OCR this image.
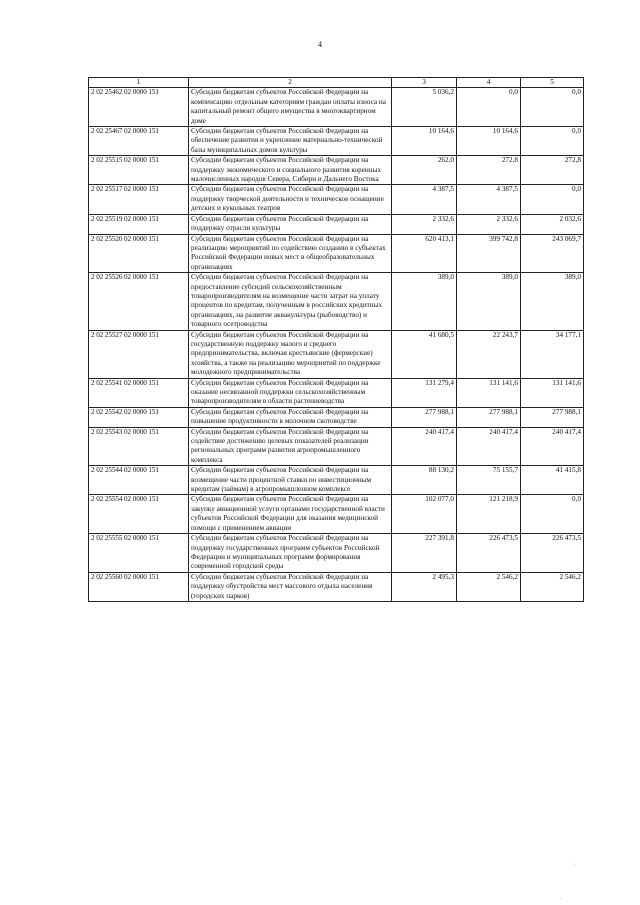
4
1	2	3	4	5
2 02 25462 02 0000 151	Субсидии бюджетам субъектов Российской Федерации на компенсацию отдельным категориям граждан оплаты взноса на капитальный ремонт общего имущества в многоквартирном доме	5 036,2	0,0	0,0
2 02 25467 02 0000 151	Субсидии бюджетам субъектов Российской Федерации на обеспечение развития и укрепление материально-технической базы муниципальных домов культуры	10 164,6	10 164,6	0,0
2 02 25515 02 0000 151	Субсидии бюджетам субъектов Российской Федерации на поддержку экономического и социального развития коренных малочисленных народов Севера, Сибири и Дальнего Востока	262,0	272,8	272,8
2 02 25517 02 0000 151	Субсидии бюджетам субъектов Российской Федерации на поддержку творческой деятельности и техническое оснащение детских и кукольных театров	4 387,5	4 387,5	0,0
2 02 25519 02 0000 151	Субсидии бюджетам субъектов Российской Федерации на поддержку отрасли культуры	2 332,6	2 332,6	2 032,6
2 02 25520 02 0000 151	Субсидии бюджетам субъектов Российской Федерации на реализацию мероприятий по содействию созданию в субъектах Российской Федерации новых мест в общеобразовательных организациях	620 413,1	399 742,8	243 069,7
2 02 25526 02 0000 151	Субсидии бюджетам субъектов Российской Федерации на предоставление субсидий сельскохозяйственным товаропроизводителям на возмещение части затрат на уплату процентов по кредитам, полученным в российских кредитных организациях, на развитие аквакультуры (рыбоводство) и товарного осетроводства	389,0	389,0	389,0
2 02 25527 02 0000 151	Субсидии бюджетам субъектов Российской Федерации на государственную поддержку малого и среднего предпринимательства, включая крестьянские (фермерские) хозяйства, а также на реализацию мероприятий по поддержке молодежного предпринимательства	41 680,5	22 243,7	34 177,1
2 02 25541 02 0000 151	Субсидии бюджетам субъектов Российской Федерации на оказание несвязанной поддержки сельскохозяйственным товаропроизводителям в области растениеводства	131 279,4	131 141,6	131 141,6
2 02 25542 02 0000 151	Субсидии бюджетам субъектов Российской Федерации на повышение продуктивности в молочном скотоводстве	277 988,1	277 988,1	277 988,1
2 02 25543 02 0000 151	Субсидии бюджетам субъектов Российской Федерации на содействие достижению целевых показателей реализации региональных программ развития агропромышленного комплекса	240 417,4	240 417,4	240 417,4
2 02 25544 02 0000 151	Субсидии бюджетам субъектов Российской Федерации на возмещение части процентной ставки по инвестиционным кредитам (займам) в агропромышленном комплексе	88 130,2	75 155,7	41 415,8
2 02 25554 02 0000 151	Субсидии бюджетам субъектов Российской Федерации на закупку авиационной услуги органами государственной власти субъектов Российской Федерации для оказания медицинской помощи с применением авиации	102 077,0	121 218,9	0,0
2 02 25555 02 0000 151	Субсидии бюджетам субъектов Российской Федерации на поддержку государственных программ субъектов Российской Федерации и муниципальных программ формирования современной городской среды	227 391,8	226 473,5	226 473,5
2 02 25560 02 0000 151	Субсидии бюджетам субъектов Российской Федерации на поддержку обустройства мест массового отдыха населения (городских парков)	2 495,3	2 546,2	2 546,2
·
·
